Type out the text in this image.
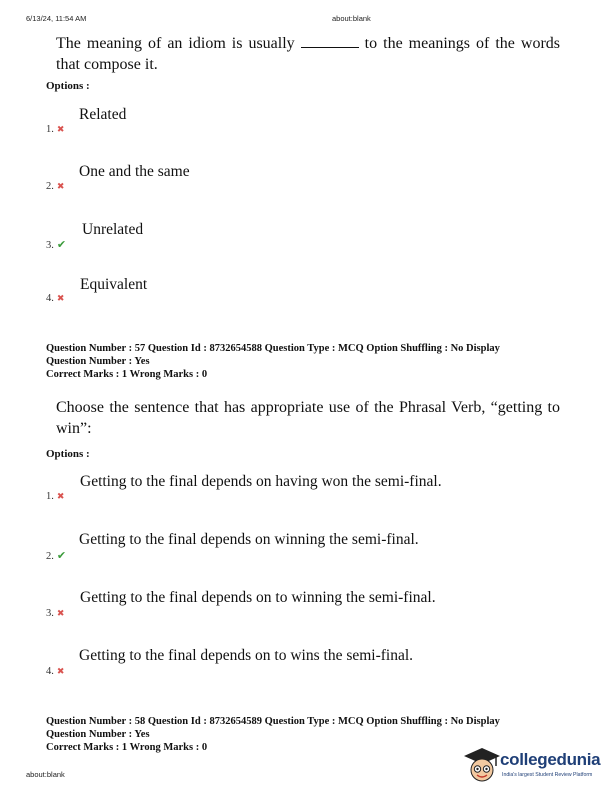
6/13/24, 11:54 AM	about:blank
The meaning of an idiom is usually	to the meanings of the words that compose it.
Options :
Related
1. ✖
One and the same
2. ✖
Unrelated
3. ✔
Equivalent
4. ✖
Question Number : 57 Question Id : 8732654588 Question Type : MCQ Option Shuffling : No Display
Question Number : Yes
Correct Marks : 1 Wrong Marks : 0
Choose the sentence that has appropriate use of the Phrasal Verb, “getting to win”:
Options :
Getting to the final depends on having won the semi-final.
1. ✖
Getting to the final depends on winning the semi-final.
2. ✔
Getting to the final depends on to winning the semi-final.
3. ✖
Getting to the final depends on to wins the semi-final.
4. ✖
Question Number : 58 Question Id : 8732654589 Question Type : MCQ Option Shuffling : No Display
Question Number : Yes
Correct Marks : 1 Wrong Marks : 0
about:blank
collegedunia
India's largest Student Review Platform
